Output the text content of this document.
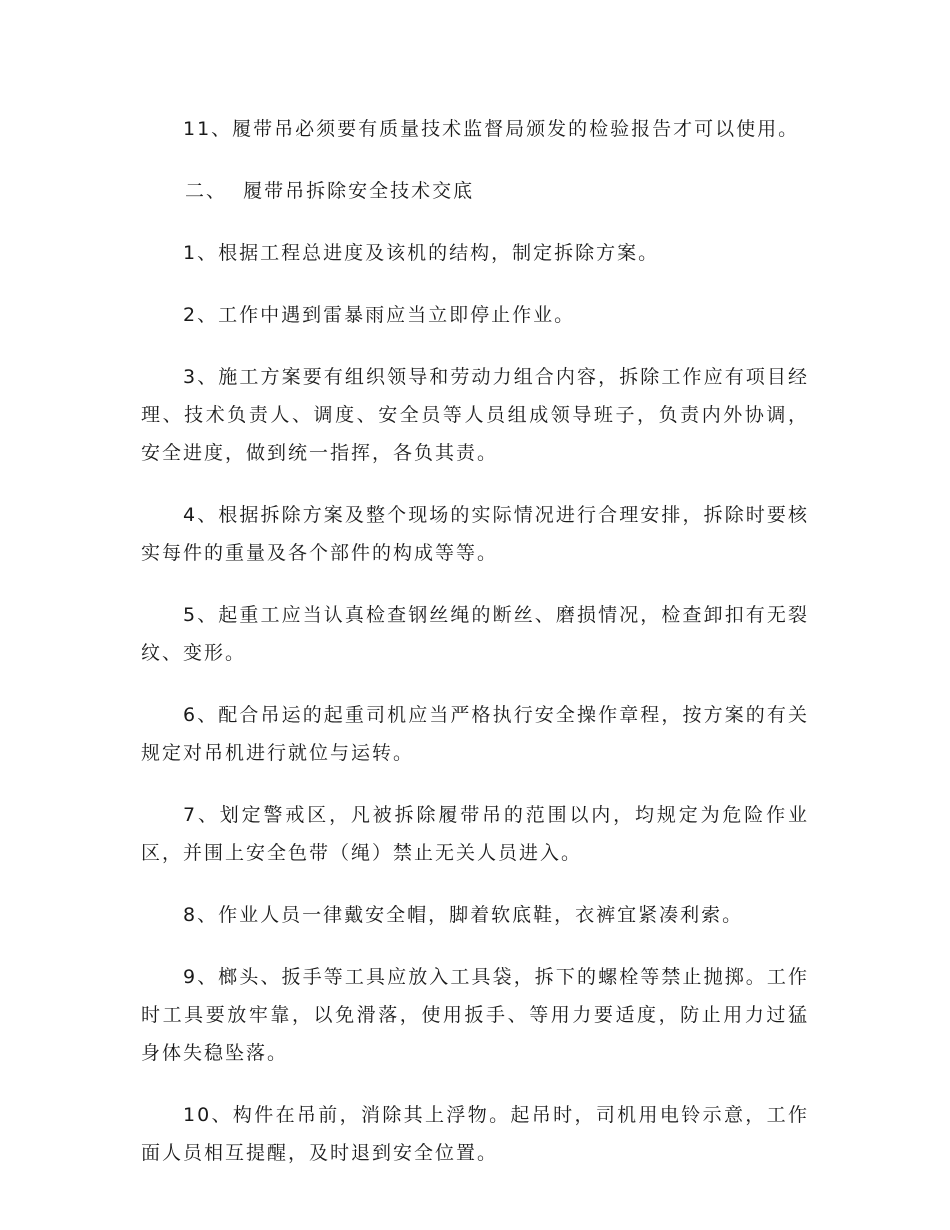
11、履带吊必须要有质量技术监督局颁发的检验报告才可以使用。

二、  履带吊拆除安全技术交底

1、根据工程总进度及该机的结构，制定拆除方案。

2、工作中遇到雷暴雨应当立即停止作业。

3、施工方案要有组织领导和劳动力组合内容，拆除工作应有项目经理、技术负责人、调度、安全员等人员组成领导班子，负责内外协调，安全进度，做到统一指挥，各负其责。

4、根据拆除方案及整个现场的实际情况进行合理安排，拆除时要核实每件的重量及各个部件的构成等等。

5、起重工应当认真检查钢丝绳的断丝、磨损情况，检查卸扣有无裂纹、变形。

6、配合吊运的起重司机应当严格执行安全操作章程，按方案的有关规定对吊机进行就位与运转。

7、划定警戒区，凡被拆除履带吊的范围以内，均规定为危险作业区，并围上安全色带（绳）禁止无关人员进入。

8、作业人员一律戴安全帽，脚着软底鞋，衣裤宜紧凑利索。

9、榔头、扳手等工具应放入工具袋，拆下的螺栓等禁止抛掷。工作时工具要放牢靠，以免滑落，使用扳手、等用力要适度，防止用力过猛身体失稳坠落。

10、构件在吊前，消除其上浮物。起吊时，司机用电铃示意，工作面人员相互提醒，及时退到安全位置。
